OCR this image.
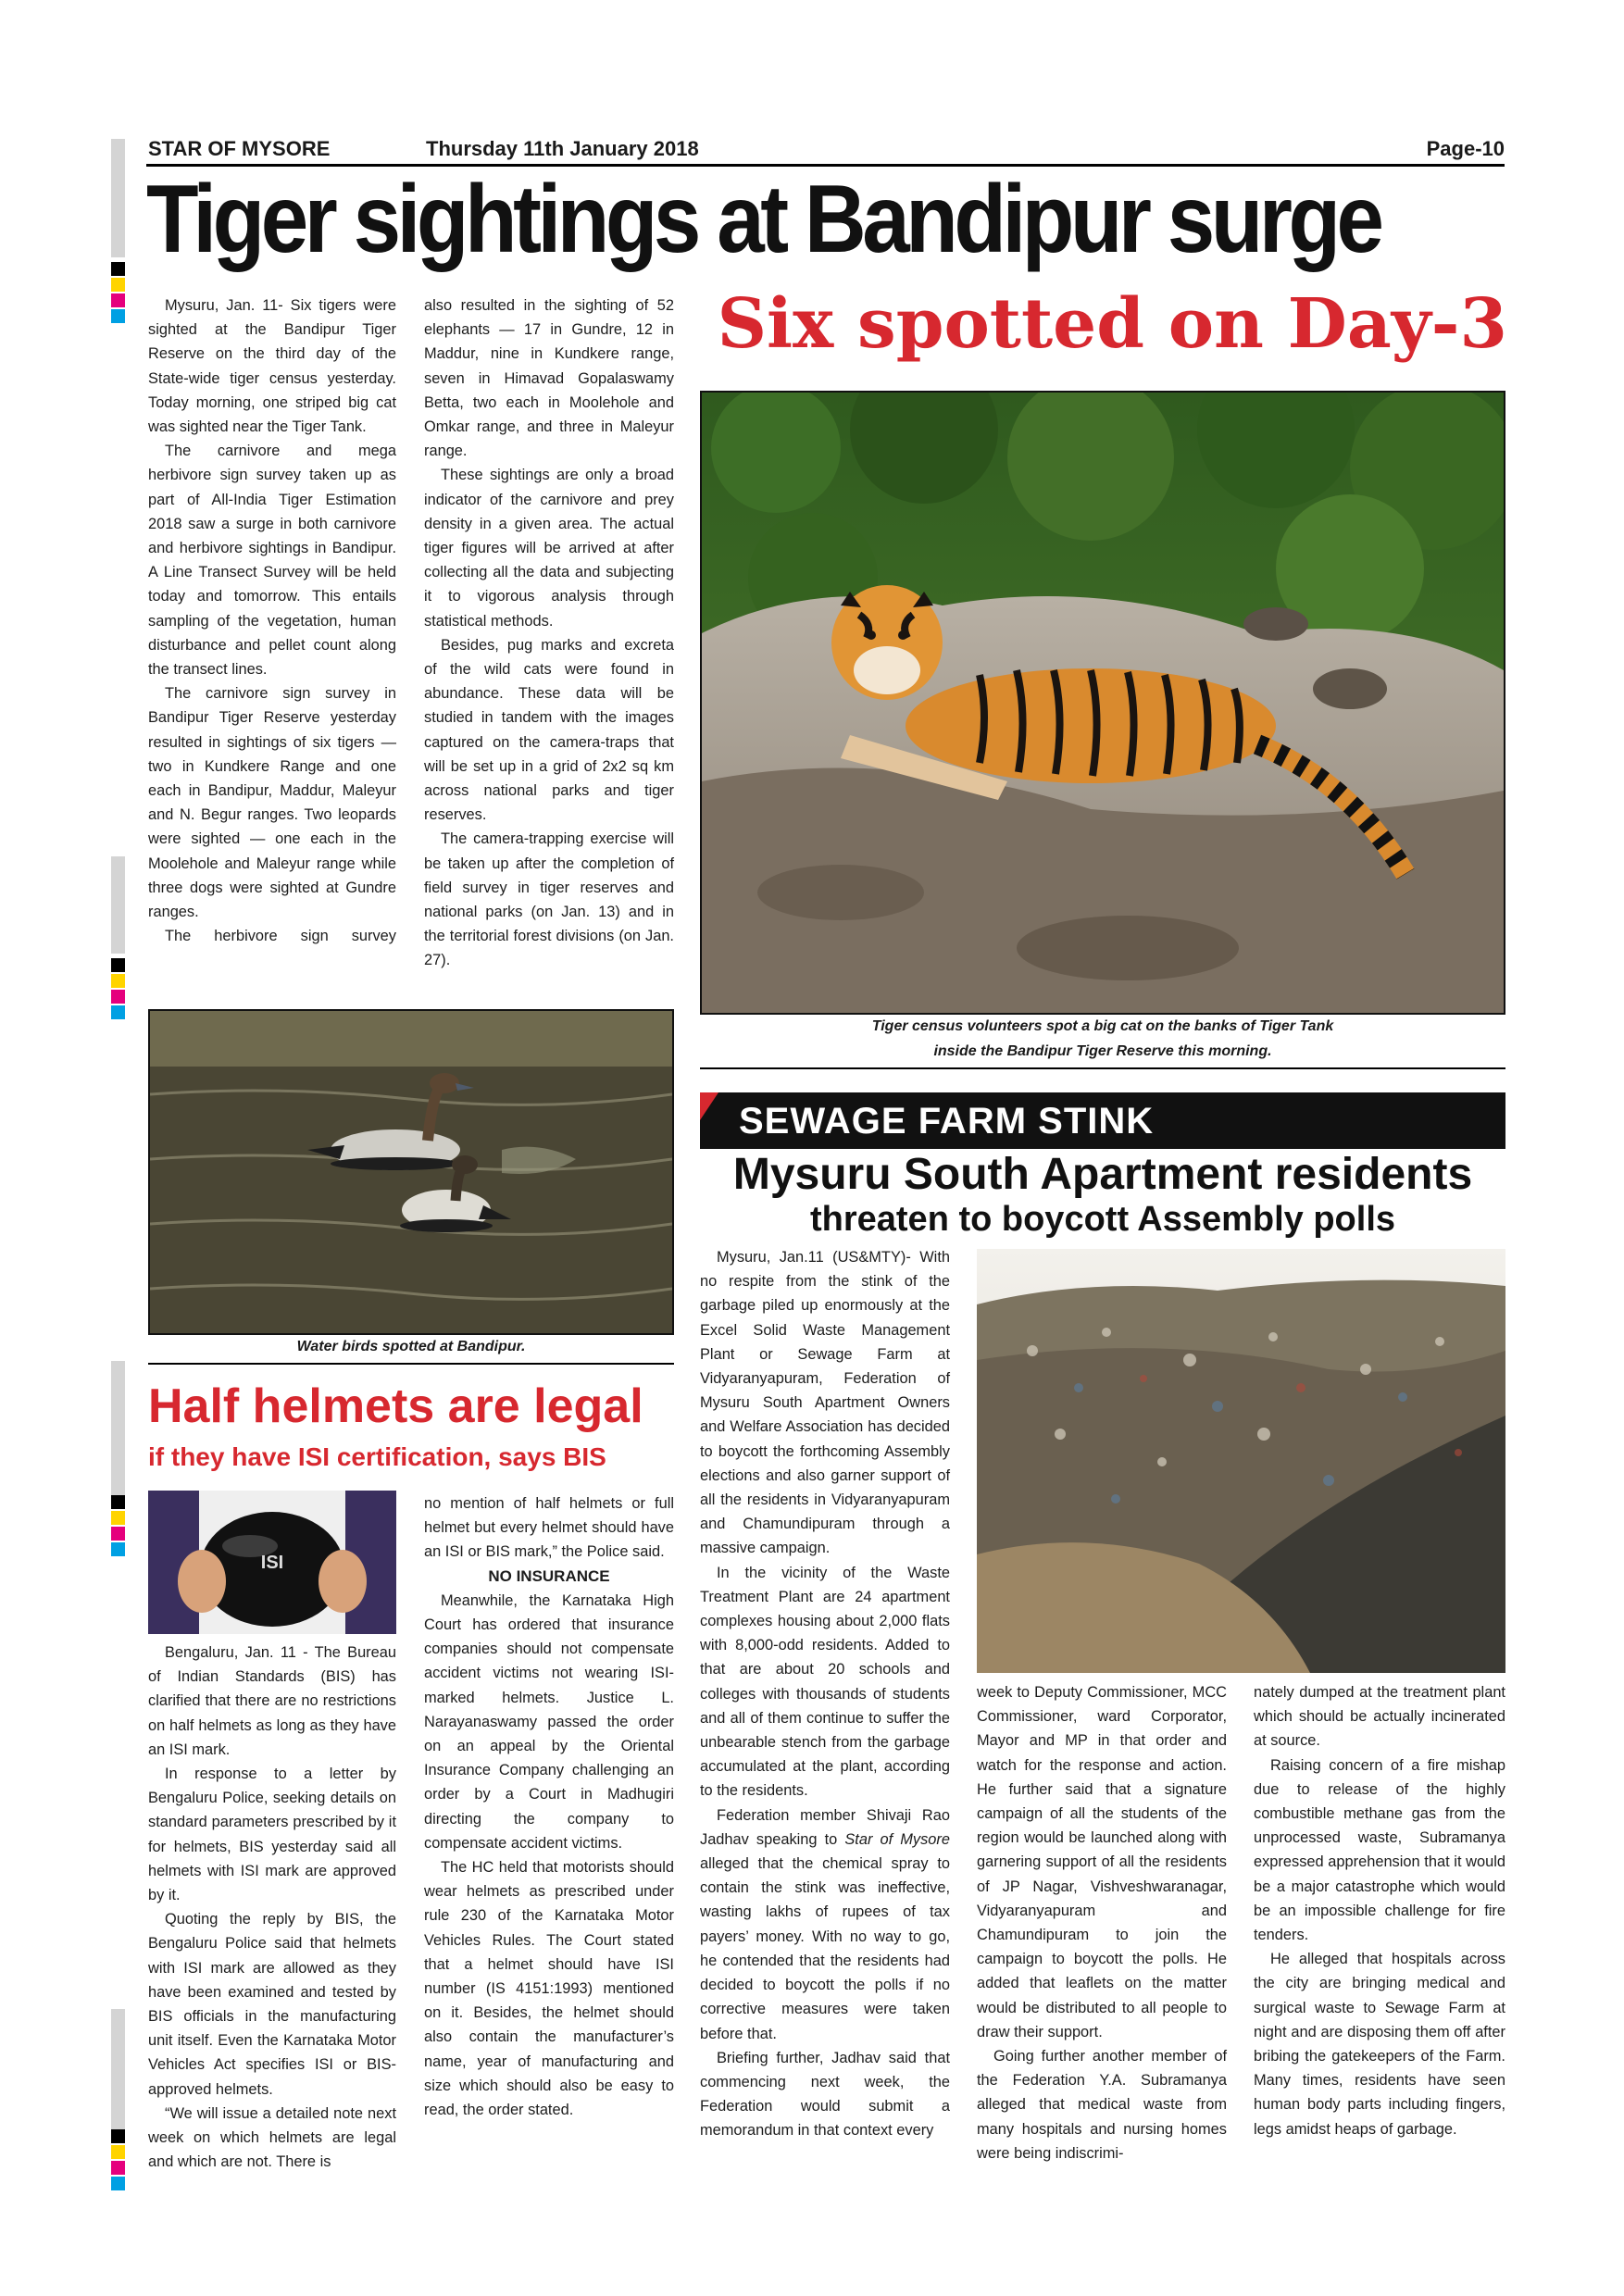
STAR OF MYSORE	Thursday 11th January 2018	Page-10
Tiger sightings at Bandipur surge
Six spotted on Day-3

Mysuru, Jan. 11- Six tigers were sighted at the Bandipur Tiger Reserve on the third day of the State-wide tiger census yesterday. Today morning, one striped big cat was sighted near the Tiger Tank.

The carnivore and mega herbivore sign survey taken up as part of All-India Tiger Estimation 2018 saw a surge in both carnivore and herbivore sightings in Bandipur. A Line Transect Survey will be held today and tomorrow. This entails sampling of the vegetation, human disturbance and pellet count along the transect lines.

The carnivore sign survey in Bandipur Tiger Reserve yesterday resulted in sightings of six tigers — two in Kundkere Range and one each in Bandipur, Maddur, Maleyur and N. Begur ranges. Two leopards were sighted — one each in the Moolehole and Maleyur range while three dogs were sighted at Gundre ranges.

The herbivore sign survey

also resulted in the sighting of 52 elephants — 17 in Gundre, 12 in Maddur, nine in Kundkere range, seven in Himavad Gopalaswamy Betta, two each in Moolehole and Omkar range, and three in Maleyur range.

These sightings are only a broad indicator of the carnivore and prey density in a given area. The actual tiger figures will be arrived at after collecting all the data and subjecting it to vigorous analysis through statistical methods.

Besides, pug marks and excreta of the wild cats were found in abundance. These data will be studied in tandem with the images captured on the camera-traps that will be set up in a grid of 2x2 sq km across national parks and tiger reserves.

The camera-trapping exercise will be taken up after the completion of field survey in tiger reserves and national parks (on Jan. 13) and in the territorial forest divisions (on Jan. 27).

Tiger census volunteers spot a big cat on the banks of Tiger Tank
inside the Bandipur Tiger Reserve this morning.
Water birds spotted at Bandipur.
Half helmets are legal
if they have ISI certification, says BIS
ISI

Bengaluru, Jan. 11 - The Bureau of Indian Standards (BIS) has clarified that there are no restrictions on half helmets as long as they have an ISI mark.

In response to a letter by Bengaluru Police, seeking details on standard parameters prescribed by it for helmets, BIS yesterday said all helmets with ISI mark are approved by it.

Quoting the reply by BIS, the Bengaluru Police said that helmets with ISI mark are allowed as they have been examined and tested by BIS officials in the manufacturing unit itself. Even the Karnataka Motor Vehicles Act specifies ISI or BIS-approved helmets.

“We will issue a detailed note next week on which helmets are legal and which are not. There is

no mention of half helmets or full helmet but every helmet should have an ISI or BIS mark,” the Police said.

NO INSURANCE

Meanwhile, the Karnataka High Court has ordered that insurance companies should not compensate accident victims not wearing ISI-marked helmets. Justice L. Narayanaswamy passed the order on an appeal by the Oriental Insurance Company challenging an order by a Court in Madhugiri directing the company to compensate accident victims.

The HC held that motorists should wear helmets as prescribed under rule 230 of the Karnataka Motor Vehicles Rules. The Court stated that a helmet should have ISI number (IS 4151:1993) mentioned on it. Besides, the helmet should also contain the manufacturer’s name, year of manufacturing and size which should also be easy to read, the order stated.

SEWAGE FARM STINK
Mysuru South Apartment residents
threaten to boycott Assembly polls

Mysuru, Jan.11 (US&MTY)- With no respite from the stink of the garbage piled up enormously at the Excel Solid Waste Management Plant or Sewage Farm at Vidyaranyapuram, Federation of Mysuru South Apartment Owners and Welfare Association has decided to boycott the forthcoming Assembly elections and also garner support of all the residents in Vidyaranyapuram and Chamundipuram through a massive campaign.

In the vicinity of the Waste Treatment Plant are 24 apartment complexes housing about 2,000 flats with 8,000-odd residents. Added to that are about 20 schools and colleges with thousands of students and all of them continue to suffer the unbearable stench from the garbage accumulated at the plant, according to the residents.

Federation member Shivaji Rao Jadhav speaking to Star of Mysore alleged that the chemical spray to contain the stink was ineffective, wasting lakhs of rupees of tax payers’ money. With no way to go, he contended that the residents had decided to boycott the polls if no corrective measures were taken before that.

Briefing further, Jadhav said that commencing next week, the Federation would submit a memorandum in that context every

week to Deputy Commissioner, MCC Commissioner, ward Corporator, Mayor and MP in that order and watch for the response and action. He further said that a signature campaign of all the students of the region would be launched along with garnering support of all the residents of JP Nagar, Vishveshwaranagar, Vidyaranyapuram and Chamundipuram to join the campaign to boycott the polls. He added that leaflets on the matter would be distributed to all people to draw their support.

Going further another member of the Federation Y.A. Subramanya alleged that medical waste from many hospitals and nursing homes were being indiscrimi-

nately dumped at the treatment plant which should be actually incinerated at source.

Raising concern of a fire mishap due to release of the highly combustible methane gas from the unprocessed waste, Subramanya expressed apprehension that it would be a major catastrophe which would be an impossible challenge for fire tenders.

He alleged that hospitals across the city are bringing medical and surgical waste to Sewage Farm at night and are disposing them off after bribing the gatekeepers of the Farm. Many times, residents have seen human body parts including fingers, legs amidst heaps of garbage.
